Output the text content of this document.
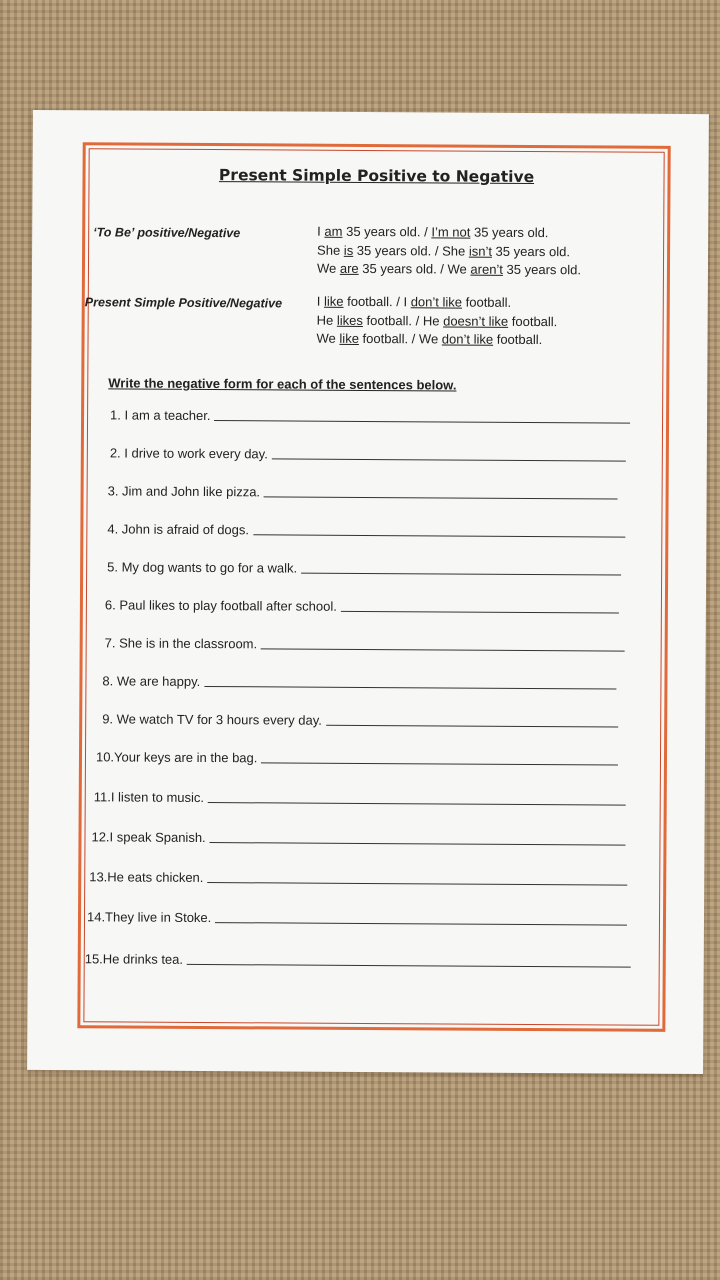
Present Simple Positive to Negative
‘To Be’ positive/Negative	I am 35 years old. / I’m not 35 years old.
She is 35 years old. / She isn’t 35 years old.
We are 35 years old. / We aren’t 35 years old.
Present Simple Positive/Negative	I like football. / I don’t like football.
He likes football. / He doesn’t like football.
We like football. / We don’t like football.
Write the negative form for each of the sentences below.
1. I am a teacher.
2. I drive to work every day.
3. Jim and John like pizza.
4. John is afraid of dogs.
5. My dog wants to go for a walk.
6. Paul likes to play football after school.
7. She is in the classroom.
8. We are happy.
9. We watch TV for 3 hours every day.
10.Your keys are in the bag.
11.I listen to music.
12.I speak Spanish.
13.He eats chicken.
14.They live in Stoke.
15.He drinks tea.
